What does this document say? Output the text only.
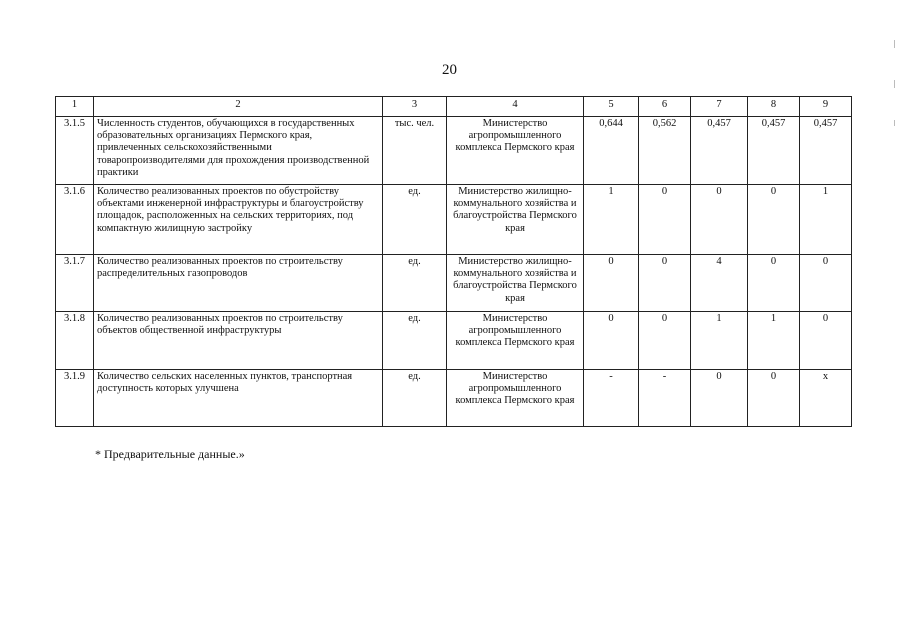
20
1	2	3	4	5	6	7	8	9
3.1.5	Численность студентов, обучающихся в государственных образовательных организациях Пермского края, привлеченных сельскохозяйственными товаропроизводителями для прохождения производственной практики	тыс. чел.	Министерство агропромышленного комплекса Пермского края	0,644	0,562	0,457	0,457	0,457
3.1.6	Количество реализованных проектов по обустройству объектами инженерной инфраструктуры и благоустройству площадок, расположенных на сельских территориях, под компактную жилищную застройку	ед.	Министерство жилищно-коммунального хозяйства и благоустройства Пермского края	1	0	0	0	1
3.1.7	Количество реализованных проектов по строительству распределительных газопроводов	ед.	Министерство жилищно-коммунального хозяйства и благоустройства Пермского края	0	0	4	0	0
3.1.8	Количество реализованных проектов по строительству объектов общественной инфраструктуры	ед.	Министерство агропромышленного комплекса Пермского края	0	0	1	1	0
3.1.9	Количество сельских населенных пунктов, транспортная доступность которых улучшена	ед.	Министерство агропромышленного комплекса Пермского края	-	-	0	0	х
* Предварительные данные.»
